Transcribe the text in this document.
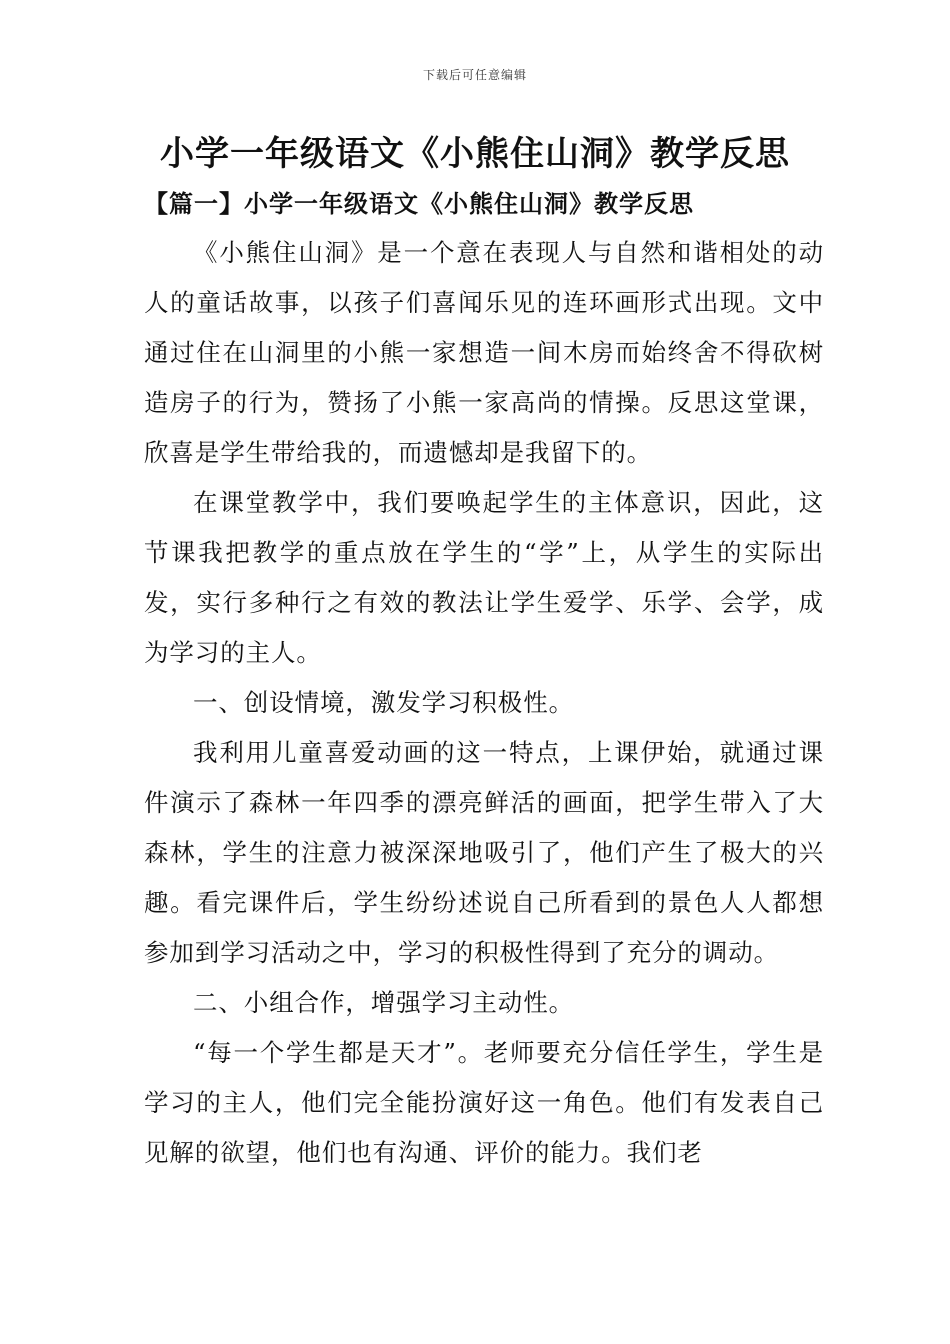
下载后可任意编辑
小学一年级语文《小熊住山洞》教学反思
【篇一】小学一年级语文《小熊住山洞》教学反思

《小熊住山洞》是一个意在表现人与自然和谐相处的动人的童话故事，以孩子们喜闻乐见的连环画形式出现。文中通过住在山洞里的小熊一家想造一间木房而始终舍不得砍树造房子的行为，赞扬了小熊一家高尚的情操。反思这堂课，欣喜是学生带给我的，而遗憾却是我留下的。

在课堂教学中，我们要唤起学生的主体意识，因此，这节课我把教学的重点放在学生的“学”上，从学生的实际出发，实行多种行之有效的教法让学生爱学、乐学、会学，成为学习的主人。

一、创设情境，激发学习积极性。

我利用儿童喜爱动画的这一特点，上课伊始，就通过课件演示了森林一年四季的漂亮鲜活的画面，把学生带入了大森林，学生的注意力被深深地吸引了，他们产生了极大的兴趣。看完课件后，学生纷纷述说自己所看到的景色人人都想参加到学习活动之中，学习的积极性得到了充分的调动。

二、小组合作，增强学习主动性。

“每一个学生都是天才”。老师要充分信任学生，学生是学习的主人，他们完全能扮演好这一角色。他们有发表自己见解的欲望，他们也有沟通、评价的能力。我们老
